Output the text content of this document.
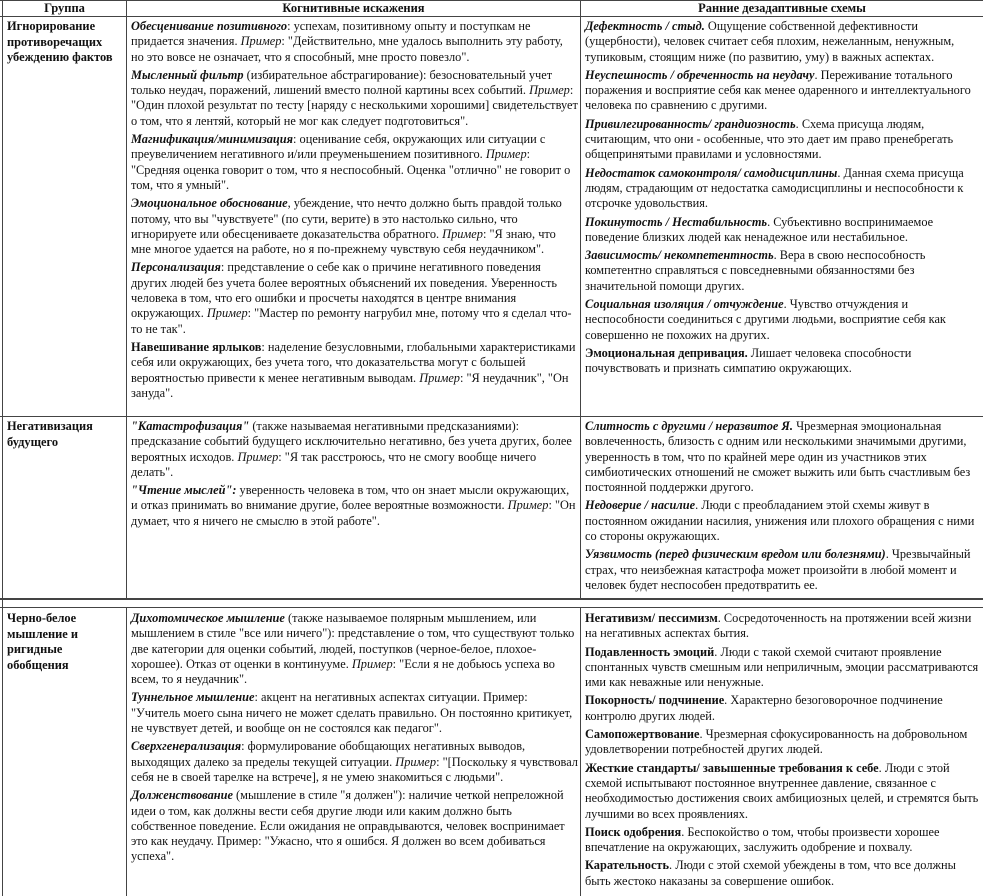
Группа	Когнитивные искажения	Ранние дезадаптивные схемы
Игнорирование противоречащих убеждению фактов
Обесценивание позитивного: успехам, позитивному опыту и поступкам не придается значения. Пример: "Действительно, мне удалось выполнить эту работу, но это вовсе не означает, что я способный, мне просто повезло".
Мысленный фильтр (избирательное абстрагирование): безосновательный учет только неудач, поражений, лишений вместо полной картины всех событий. Пример: "Один плохой результат по тесту [наряду с несколькими хорошими] свидетельствует о том, что я лентяй, который не мог как следует подготовиться".
Магнификация/минимизация: оценивание себя, окружающих или ситуации с преувеличением негативного и/или преуменьшением позитивного. Пример: "Средняя оценка говорит о том, что я неспособный. Оценка "отлично" не говорит о том, что я умный".
Эмоциональное обоснование, убеждение, что нечто должно быть правдой только потому, что вы "чувствуете" (по сути, верите) в это настолько сильно, что игнорируете или обесцениваете доказательства обратного. Пример: "Я знаю, что мне многое удается на работе, но я по-прежнему чувствую себя неудачником".
Персонализация: представление о себе как о причине негативного поведения других людей без учета более вероятных объяснений их поведения. Уверенность человека в том, что его ошибки и просчеты находятся в центре внимания окружающих. Пример: "Мастер по ремонту нагрубил мне, потому что я сделал что-то не так".
Навешивание ярлыков: наделение безусловными, глобальными характеристиками себя или окружающих, без учета того, что доказательства могут с большей вероятностью привести к менее негативным выводам. Пример: "Я неудачник", "Он зануда".
Дефектность / стыд. Ощущение собственной дефективности (ущербности), человек считает себя плохим, нежеланным, ненужным, тупиковым, стоящим ниже (по развитию, уму) в важных аспектах.
Неуспешность / обреченность на неудачу. Переживание тотального поражения и восприятие себя как менее одаренного и интеллектуального человека по сравнению с другими.
Привилегированность/ грандиозность. Схема присуща людям, считающим, что они - особенные, что это дает им право пренебрегать общепринятыми правилами и условностями.
Недостаток самоконтроля/ самодисциплины. Данная схема присуща людям, страдающим от недостатка самодисциплины и неспособности к отсрочке удовольствия.
Покинутость / Нестабильность. Субъективно воспринимаемое поведение близких людей как ненадежное или нестабильное.
Зависимость/ некомпетентность. Вера в свою неспособность компетентно справляться с повседневными обязанностями без значительной помощи других.
Социальная изоляция / отчуждение. Чувство отчуждения и неспособности соединиться с другими людьми, восприятие себя как совершенно не похожих на других.
Эмоциональная депривация. Лишает человека способности почувствовать и признать симпатию окружающих.
Негативизация будущего
"Катастрофизация" (также называемая негативными предсказаниями): предсказание событий будущего исключительно негативно, без учета других, более вероятных исходов. Пример: "Я так расстроюсь, что не смогу вообще ничего делать".
"Чтение мыслей": уверенность человека в том, что он знает мысли окружающих, и отказ принимать во внимание другие, более вероятные возможности. Пример: "Он думает, что я ничего не смыслю в этой работе".
Слитность с другими / неразвитое Я. Чрезмерная эмоциональная вовлеченность, близость с одним или несколькими значимыми другими, уверенность в том, что по крайней мере один из участников этих симбиотических отношений не сможет выжить или быть счастливым без постоянной поддержки другого.
Недоверие / насилие. Люди с преобладанием этой схемы живут в постоянном ожидании насилия, унижения или плохого обращения с ними со стороны окружающих.
Уязвимость (перед физическим вредом или болезнями). Чрезвычайный страх, что неизбежная катастрофа может произойти в любой момент и человек будет неспособен предотвратить ее.
Черно-белое мышление и ригидные обобщения
Дихотомическое мышление (также называемое полярным мышлением, или мышлением в стиле "все или ничего"): представление о том, что существуют только две категории для оценки событий, людей, поступков (черное-белое, плохое-хорошее). Отказ от оценки в континууме. Пример: "Если я не добьюсь успеха во всем, то я неудачник".
Туннельное мышление: акцент на негативных аспектах ситуации. Пример: "Учитель моего сына ничего не может сделать правильно. Он постоянно критикует, не чувствует детей, и вообще он не состоялся как педагог".
Сверхгенерализация: формулирование обобщающих негативных выводов, выходящих далеко за пределы текущей ситуации. Пример: "[Поскольку я чувствовал себя не в своей тарелке на встрече], я не умею знакомиться с людьми".
Долженствование (мышление в стиле "я должен"): наличие четкой непреложной идеи о том, как должны вести себя другие люди или каким должно быть собственное поведение. Если ожидания не оправдываются, человек воспринимает это как неудачу. Пример: "Ужасно, что я ошибся. Я должен во всем добиваться успеха".
Негативизм/ пессимизм. Сосредоточенность на протяжении всей жизни на негативных аспектах бытия.
Подавленность эмоций. Люди с такой схемой считают проявление спонтанных чувств смешным или неприличным, эмоции рассматриваются ими как неважные или ненужные.
Покорность/ подчинение. Характерно безоговорочное подчинение контролю других людей.
Самопожертвование. Чрезмерная сфокусированность на добровольном удовлетворении потребностей других людей.
Жесткие стандарты/ завышенные требования к себе. Люди с этой схемой испытывают постоянное внутреннее давление, связанное с необходимостью достижения своих амбициозных целей, и стремятся быть лучшими во всех проявлениях.
Поиск одобрения. Беспокойство о том, чтобы произвести хорошее впечатление на окружающих, заслужить одобрение и похвалу.
Карательность. Люди с этой схемой убеждены в том, что все должны быть жестоко наказаны за совершение ошибок.
